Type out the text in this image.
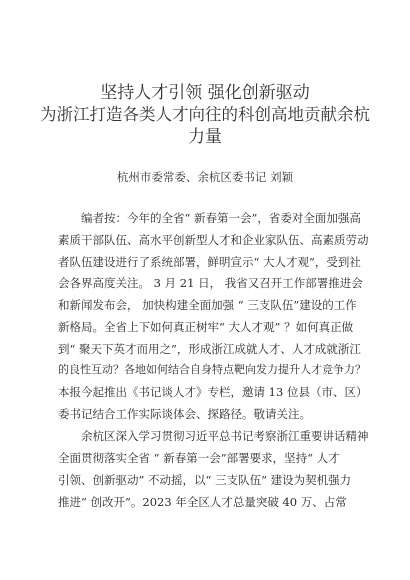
坚持人才引领 强化创新驱动
为浙江打造各类人才向往的科创高地贡献余杭
力量
杭州市委常委、余杭区委书记 刘颖
编者按：今年的全省“ 新春第一会”，省委对全面加强高
素质干部队伍、高水平创新型人才和企业家队伍、高素质劳动
者队伍建设进行了系统部署，鲜明宣示“ 大人才观”，受到社
会各界高度关注。 3 月 21 日， 我省又召开工作部署推进会
和新闻发布会， 加快构建全面加强 “ 三支队伍”建设的工作
新格局。全省上下如何真正树牢“ 大人才观” ？如何真正做
到“ 聚天下英才而用之”，形成浙江成就人才、人才成就浙江
的良性互动？各地如何结合自身特点靶向发力提升人才竞争力？
本报今起推出《书记谈人才》专栏，邀请 13 位县（市、区）
委书记结合工作实际谈体会、探路径。敬请关注。
余杭区深入学习贯彻习近平总书记考察浙江重要讲话精神
全面贯彻落实全省 “ 新春第一会”部署要求，坚持“ 人才
引领、创新驱动” 不动摇，以“ 三支队伍” 建设为契机强力
推进“ 创改开”。2023 年全区人才总量突破 40 万、占常
